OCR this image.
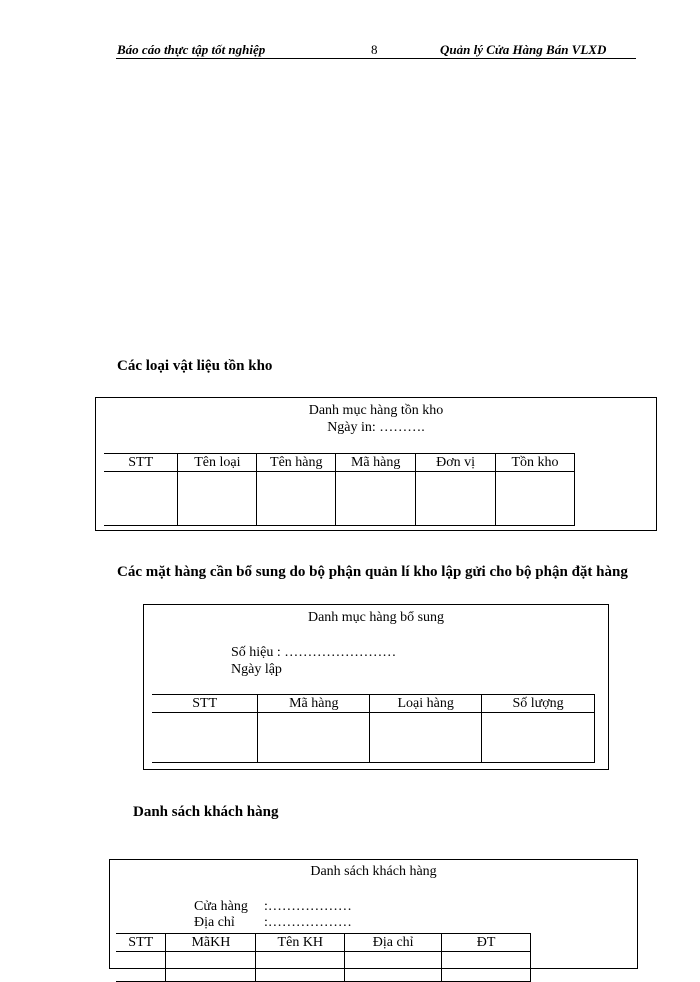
Báo cáo thực tập tốt nghiệp	8	Quản lý Cửa Hàng Bán VLXD
Các loại vật liệu tồn kho
Danh mục hàng tồn kho
Ngày in: ……….
STT	Tên loại	Tên hàng	Mã hàng	Đơn vị	Tồn kho

Các mặt hàng cần bổ sung do bộ phận quản lí kho lập gửi cho bộ phận đặt hàng
Danh mục hàng bổ sung
Số hiệu : ……………………
Ngày lập
STT	Mã hàng	Loại hàng	Số lượng

Danh sách khách hàng
Danh sách khách hàng
Cửa hàng :………………
Địa chỉ :………………
STT	MãKH	Tên KH	Địa chỉ	ĐT
